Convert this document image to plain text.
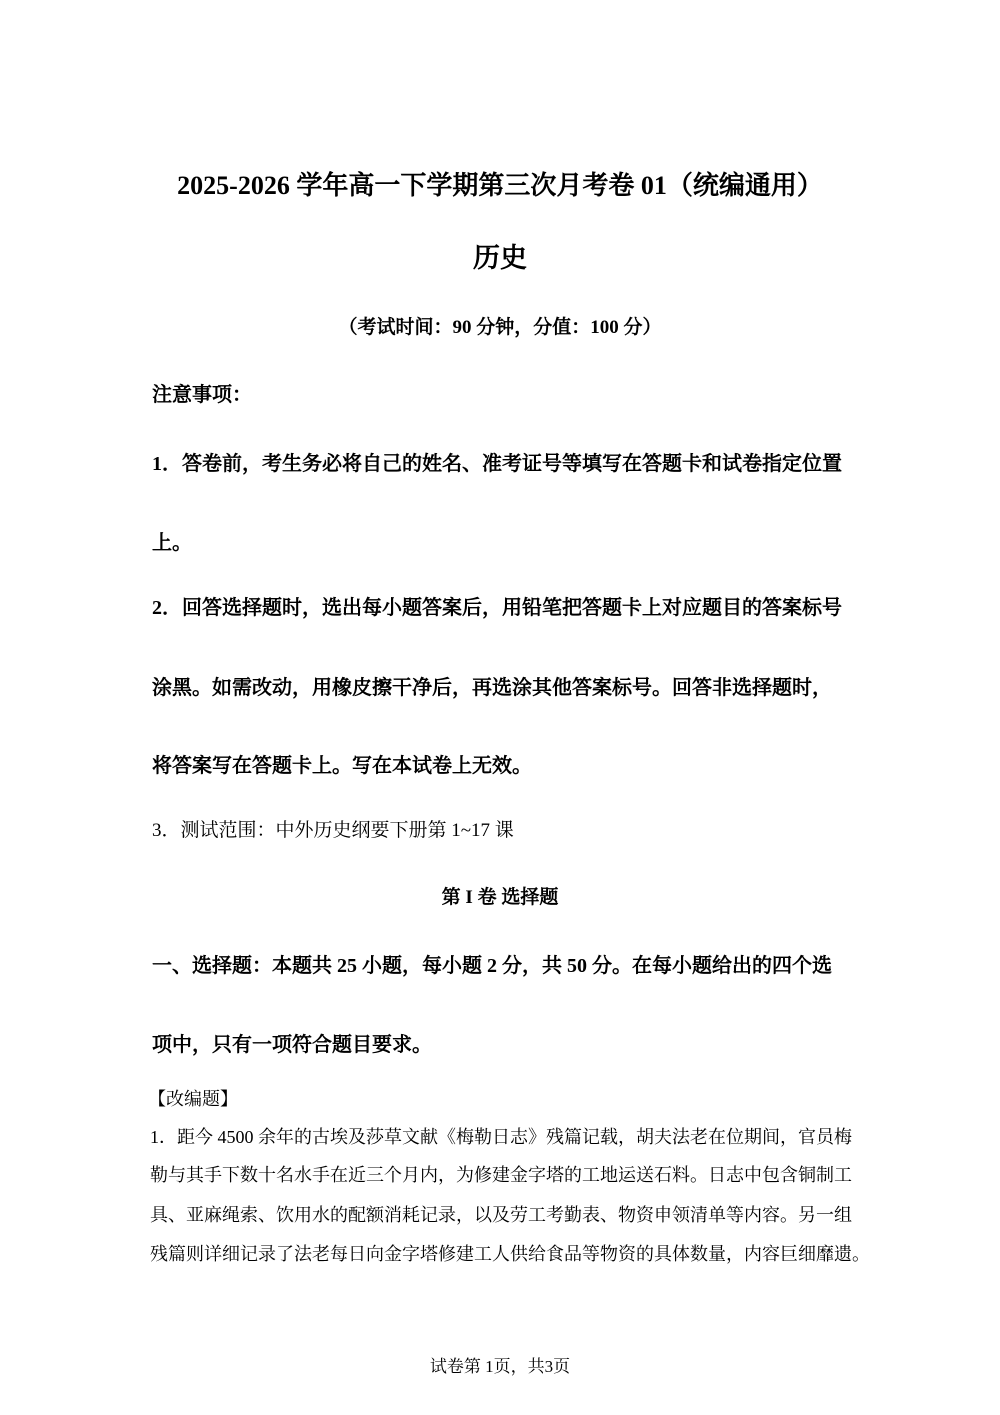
2025-2026 学年高一下学期第三次月考卷 01（统编通用）
历史
（考试时间：90 分钟，分值：100 分）
注意事项：
1．答卷前，考生务必将自己的姓名、准考证号等填写在答题卡和试卷指定位置
上。
2．回答选择题时，选出每小题答案后，用铅笔把答题卡上对应题目的答案标号
涂黑。如需改动，用橡皮擦干净后，再选涂其他答案标号。回答非选择题时，
将答案写在答题卡上。写在本试卷上无效。
3．测试范围：中外历史纲要下册第 1~17 课
第 I 卷 选择题
一、选择题：本题共 25 小题，每小题 2 分，共 50 分。在每小题给出的四个选
项中，只有一项符合题目要求。
【改编题】
1．距今 4500 余年的古埃及莎草文献《梅勒日志》残篇记载，胡夫法老在位期间，官员梅
勒与其手下数十名水手在近三个月内，为修建金字塔的工地运送石料。日志中包含铜制工
具、亚麻绳索、饮用水的配额消耗记录，以及劳工考勤表、物资申领清单等内容。另一组
残篇则详细记录了法老每日向金字塔修建工人供给食品等物资的具体数量，内容巨细靡遗。
试卷第 1页，共3页
